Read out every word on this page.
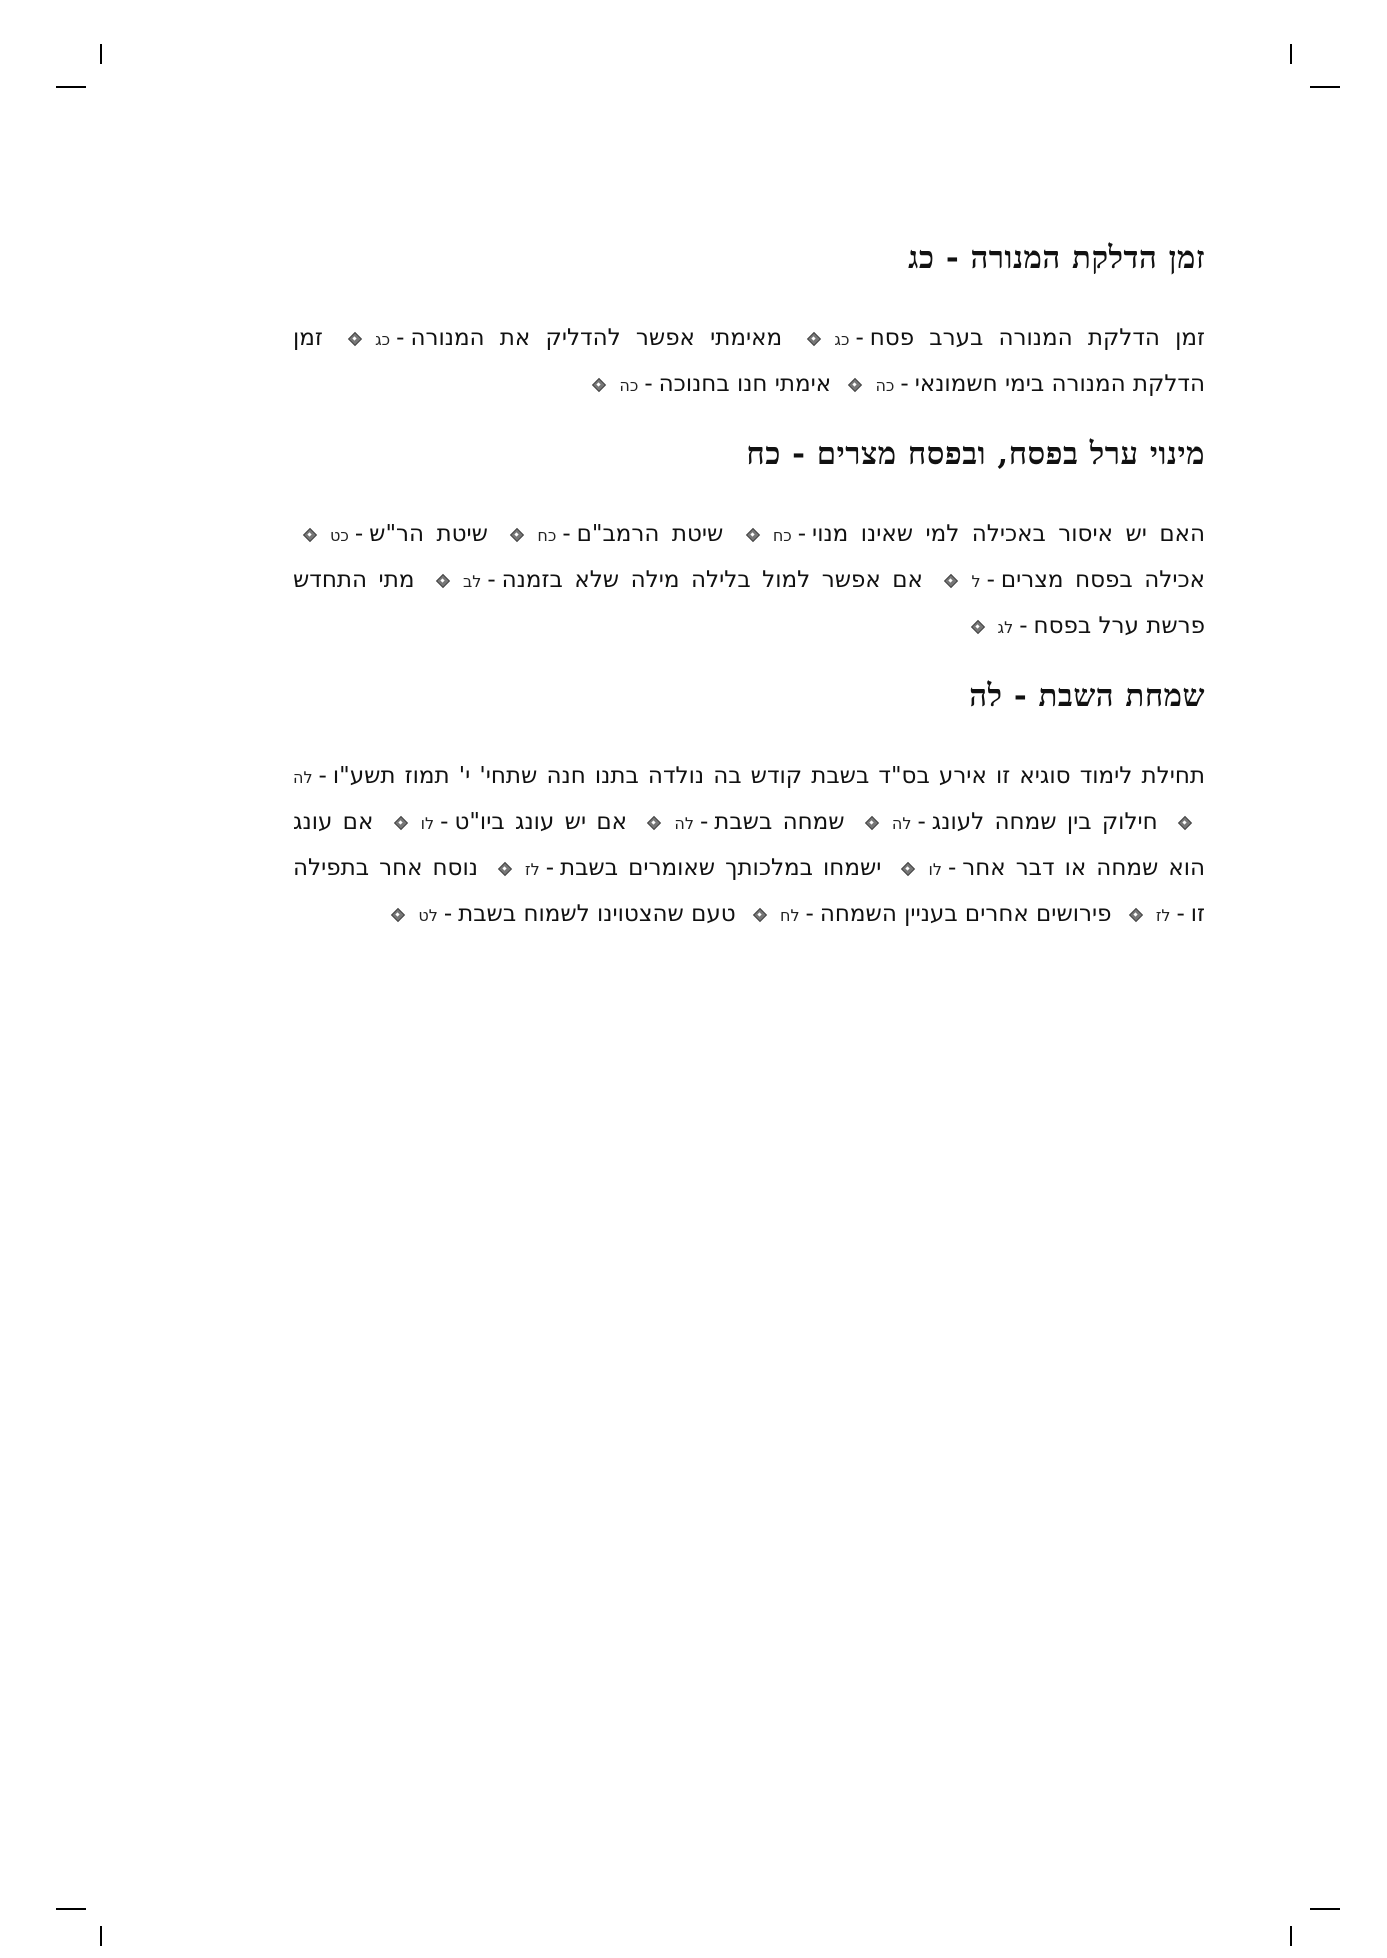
זמן הדלקת המנורה - כג

זמן הדלקת המנורה בערב פסח-כג מאימתי אפשר להדליק את המנורה-כג זמן הדלקת המנורה בימי חשמונאי-כה אימתי חנו בחנוכה-כה

מינוי ערל בפסח, ובפסח מצרים - כח

האם יש איסור באכילה למי שאינו מנוי-כח שיטת הרמב"ם-כח שיטת הר"ש-כט אכילה בפסח מצרים-ל אם אפשר למול בלילה מילה שלא בזמנה-לב מתי התחדש פרשת ערל בפסח-לג

שמחת השבת - לה

תחילת לימוד סוגיא זו אירע בס"ד בשבת קודש בה נולדה בתנו חנה שתחי' י' תמוז תשע"ו-לה חילוק בין שמחה לעונג-לה שמחה בשבת-לה אם יש עונג ביו"ט-לו אם עונג הוא שמחה או דבר אחר-לו ישמחו במלכותך שאומרים בשבת-לז נוסח אחר בתפילה זו-לז פירושים אחרים בעניין השמחה-לח טעם שהצטוינו לשמוח בשבת-לט
